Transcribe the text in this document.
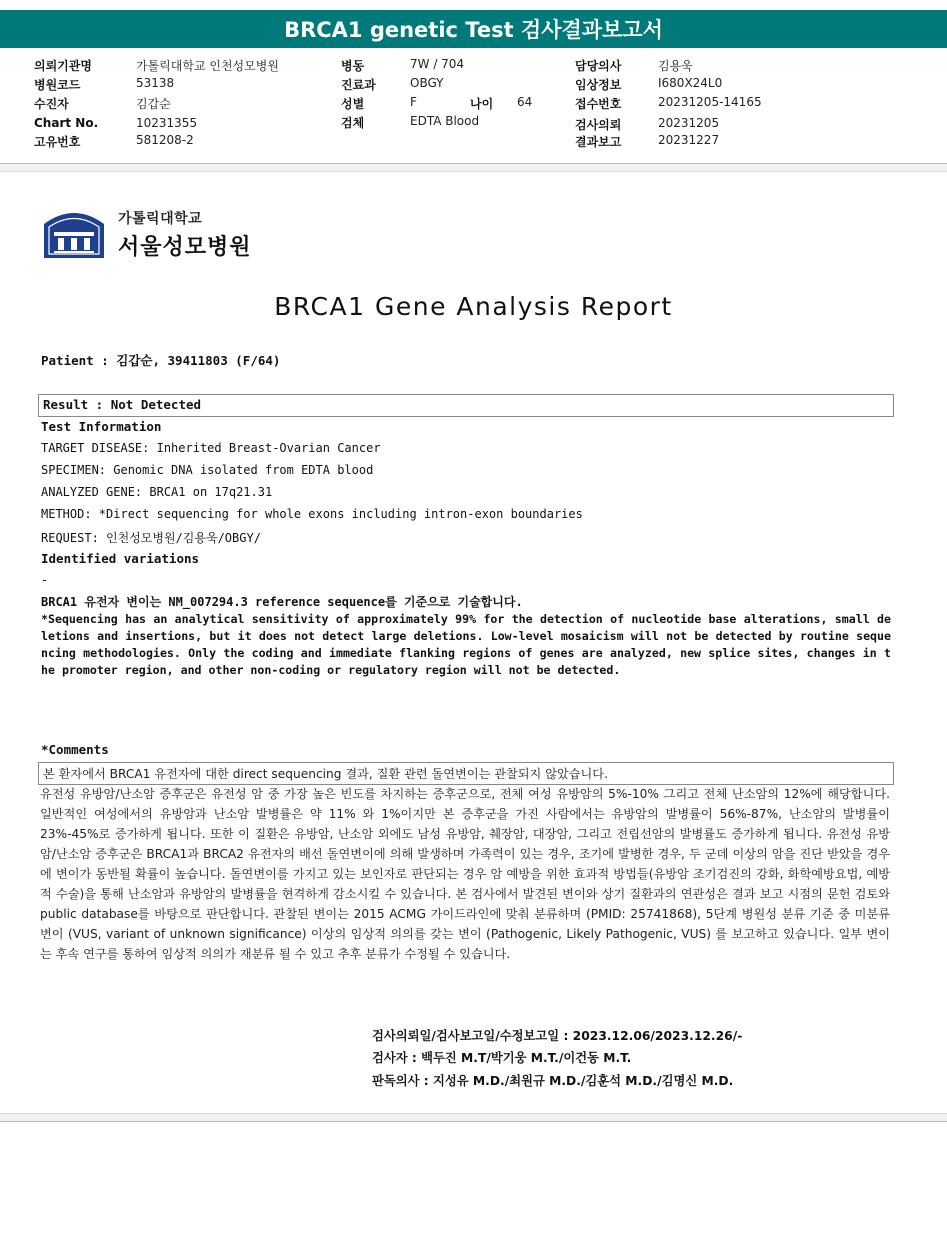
BRCA1 genetic Test 검사결과보고서
의뢰기관명	가톨릭대학교 인천성모병원
병원코드	53138
수진자	김갑순
Chart No.	10231355
고유번호	581208-2
병동	7W / 704
진료과	OBGY
성별	F	나이 64
검체	EDTA Blood
담당의사	김용욱
임상정보	I680X24L0
접수번호	20231205-14165
검사의뢰	20231205
결과보고	20231227
가톨릭대학교
서울성모병원
BRCA1 Gene Analysis Report
Patient : 김갑순, 39411803 (F/64)
Result : Not Detected
Test Information
TARGET DISEASE: Inherited Breast-Ovarian Cancer
SPECIMEN: Genomic DNA isolated from EDTA blood
ANALYZED GENE: BRCA1 on 17q21.31
METHOD: *Direct sequencing for whole exons including intron-exon boundaries
REQUEST: 인천성모병원/김용욱/OBGY/
Identified variations
-
BRCA1 유전자 변이는 NM_007294.3 reference sequence를 기준으로 기술합니다.
*Sequencing has an analytical sensitivity of approximately 99% for the detection of nucleotide base alterations, small deletions and insertions, but it does not detect large deletions. Low-level mosaicism will not be detected by routine sequencing methodologies. Only the coding and immediate flanking regions of genes are analyzed, new splice sites, changes in the promoter region, and other non-coding or regulatory region will not be detected.
*Comments
본 환자에서 BRCA1 유전자에 대한 direct sequencing 결과, 질환 관련 돌연변이는 관찰되지 않았습니다.
유전성 유방암/난소암 증후군은 유전성 암 중 가장 높은 빈도를 차지하는 증후군으로, 전체 여성 유방암의 5%-10% 그리고 전체 난소암의 12%에 해당합니다. 일반적인 여성에서의 유방암과 난소암 발병률은 약 11% 와 1%이지만 본 증후군을 가진 사람에서는 유방암의 발병률이 56%-87%, 난소암의 발병률이 23%-45%로 증가하게 됩니다. 또한 이 질환은 유방암, 난소암 외에도 남성 유방암, 췌장암, 대장암, 그리고 전립선암의 발병률도 증가하게 됩니다. 유전성 유방암/난소암 증후군은 BRCA1과 BRCA2 유전자의 배선 돌연변이에 의해 발생하며 가족력이 있는 경우, 조기에 발병한 경우, 두 군데 이상의 암을 진단 받았을 경우에 변이가 동반될 확률이 높습니다. 돌연변이를 가지고 있는 보인자로 판단되는 경우 암 예방을 위한 효과적 방법들(유방암 조기검진의 강화, 화학예방요법, 예방적 수술)을 통해 난소암과 유방암의 발병률을 현격하게 감소시킬 수 있습니다. 본 검사에서 발견된 변이와 상기 질환과의 연관성은 결과 보고 시점의 문헌 검토와 public database를 바탕으로 판단합니다. 관찰된 변이는 2015 ACMG 가이드라인에 맞춰 분류하며 (PMID: 25741868), 5단계 병원성 분류 기준 중 미분류 변이 (VUS, variant of unknown significance) 이상의 임상적 의의를 갖는 변이 (Pathogenic, Likely Pathogenic, VUS) 를 보고하고 있습니다. 일부 변이는 후속 연구를 통하여 임상적 의의가 재분류 될 수 있고 추후 분류가 수정될 수 있습니다.
검사의뢰일/검사보고일/수정보고일 : 2023.12.06/2023.12.26/-
검사자 : 백두진 M.T/박기웅 M.T./이건동 M.T.
판독의사 : 지성유 M.D./최원규 M.D./김훈석 M.D./김명신 M.D.
